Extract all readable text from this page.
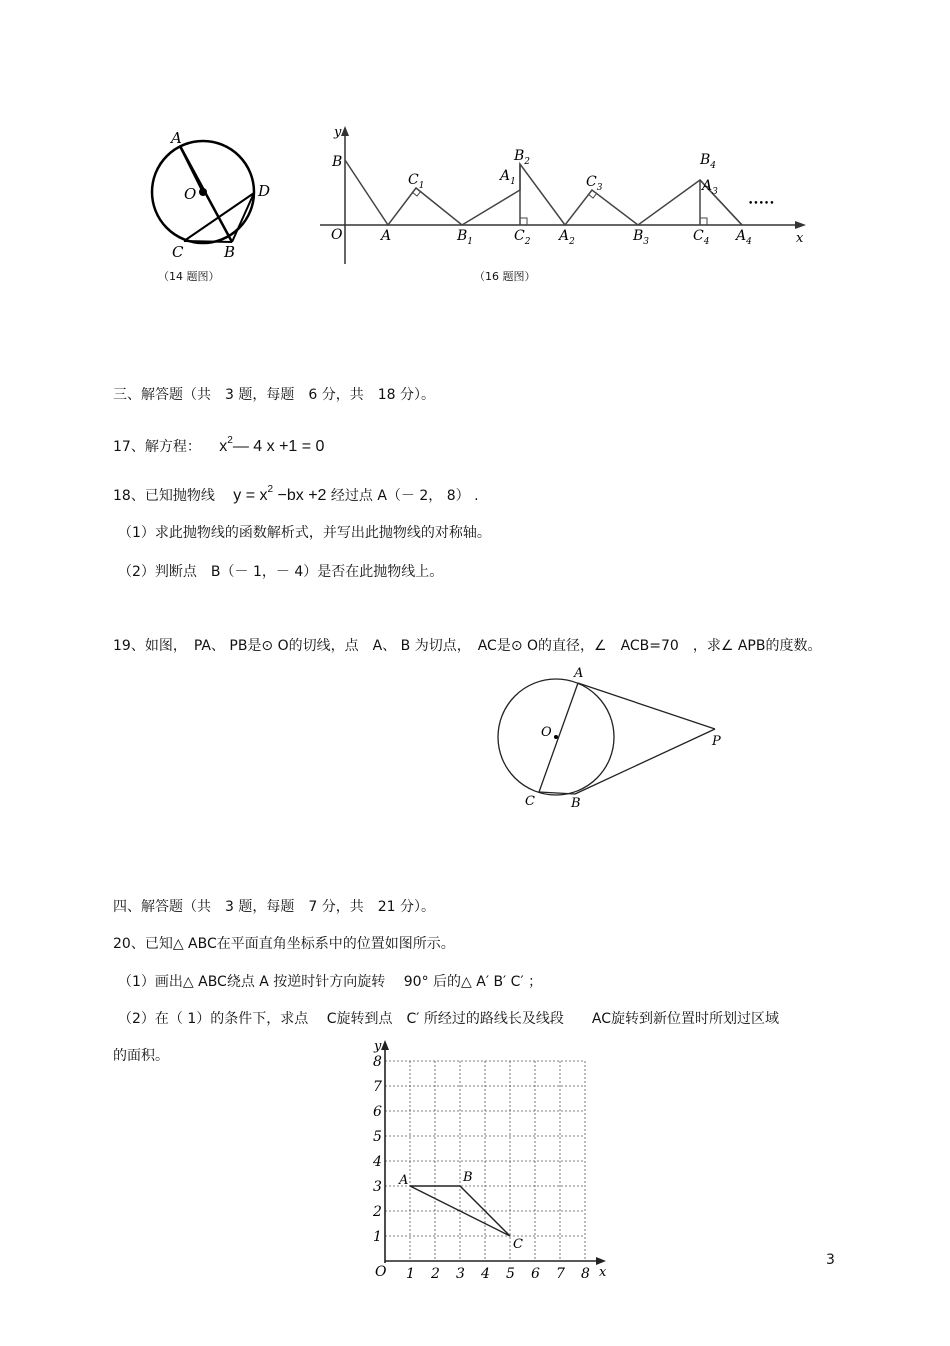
A
O	D
C	B
（14 题图）
y
x
O
B
A	$B_1$
$C_1$
$A_1$
$B_2$
$C_2$ $A_2$
$C_3$
$B_3$
$B_4$
$A_3$
$C_4$ $A_4$
•••••
（16 题图）
三、解答题（共　3 题，每题　6 分，共　18 分）。
17、解方程： $x^2—$ 4 x +1 = 0
18、已知抛物线 $y = x^2 -bx +2$ 经过点 A（－ 2， 8） .
（1）求此抛物线的函数解析式，并写出此抛物线的对称轴。
（2）判断点　B（－ 1，－ 4）是否在此抛物线上。
19、如图，　PA、 PB是⊙ O的切线，点　A、 B 为切点，　AC是⊙ O的直径，∠　ACB=70　，求∠ APB的度数。
A
O
P
C	B
四、解答题（共　3 题，每题　7 分，共　21 分）。
20、已知△ ABC在平面直角坐标系中的位置如图所示。
（1）画出△ ABC绕点 A 按逆时针方向旋转　 90° 后的△ A′ B′ C′ ；
（2）在（ 1）的条件下，求点　 C旋转到点　C′ 所经过的路线长及线段　　AC旋转到新位置时所划过区域
的面积。
1 2 3 4 5 6 7 8
1
2
3
4
5
6
7
8
A	B
C
O	x
y
3
